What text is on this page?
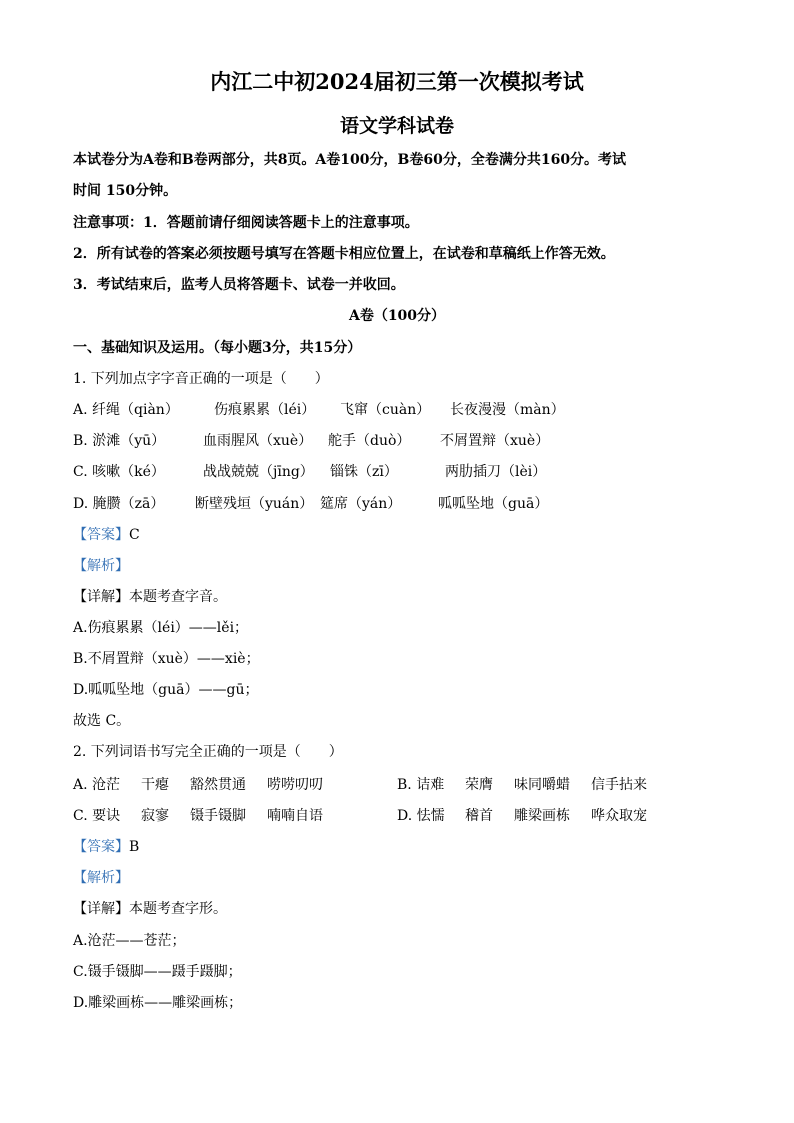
内江二中初2024届初三第一次模拟考试
语文学科试卷
本试卷分为A卷和B卷两部分，共8页。A卷100分，B卷60分，全卷满分共160分。考试
时间 150分钟。
注意事项：1．答题前请仔细阅读答题卡上的注意事项。
2．所有试卷的答案必须按题号填写在答题卡相应位置上，在试卷和草稿纸上作答无效。
3．考试结束后，监考人员将答题卡、试卷一并收回。
A卷（100分）
一、基础知识及运用。（每小题3分，共15分）
1. 下列加点字字音正确的一项是（　　）
A. 纤绳（qiàn）	伤痕累累（léi） 飞窜（cuàn） 长夜漫漫（màn）
B. 淤滩（yū）	血雨腥风（xuè） 舵手（duò） 不屑置辩（xuè）
C. 咳嗽（ké）	战战兢兢（jīng） 锱铢（zī）	两肋插刀（lèi）
D. 腌臜（zā） 断壁残垣（yuán） 筵席（yán）	呱呱坠地（guā）
【答案】C
【解析】
【详解】本题考查字音。
A.伤痕累累（léi）——lěi；
B.不屑置辩（xuè）——xiè；
D.呱呱坠地（guā）——gū；
故选 C。
2. 下列词语书写完全正确的一项是（　　）
A. 沧茫 干瘪 豁然贯通 唠唠叨叨	B. 诘难 荣膺 味同嚼蜡 信手拈来
C. 要诀 寂寥 镊手镊脚 喃喃自语	D. 怯懦 稽首 雕梁画栋 哗众取宠
【答案】B
【解析】
【详解】本题考查字形。
A.沧茫——苍茫；
C.镊手镊脚——蹑手蹑脚；
D.雕梁画栋——雕梁画栋；
